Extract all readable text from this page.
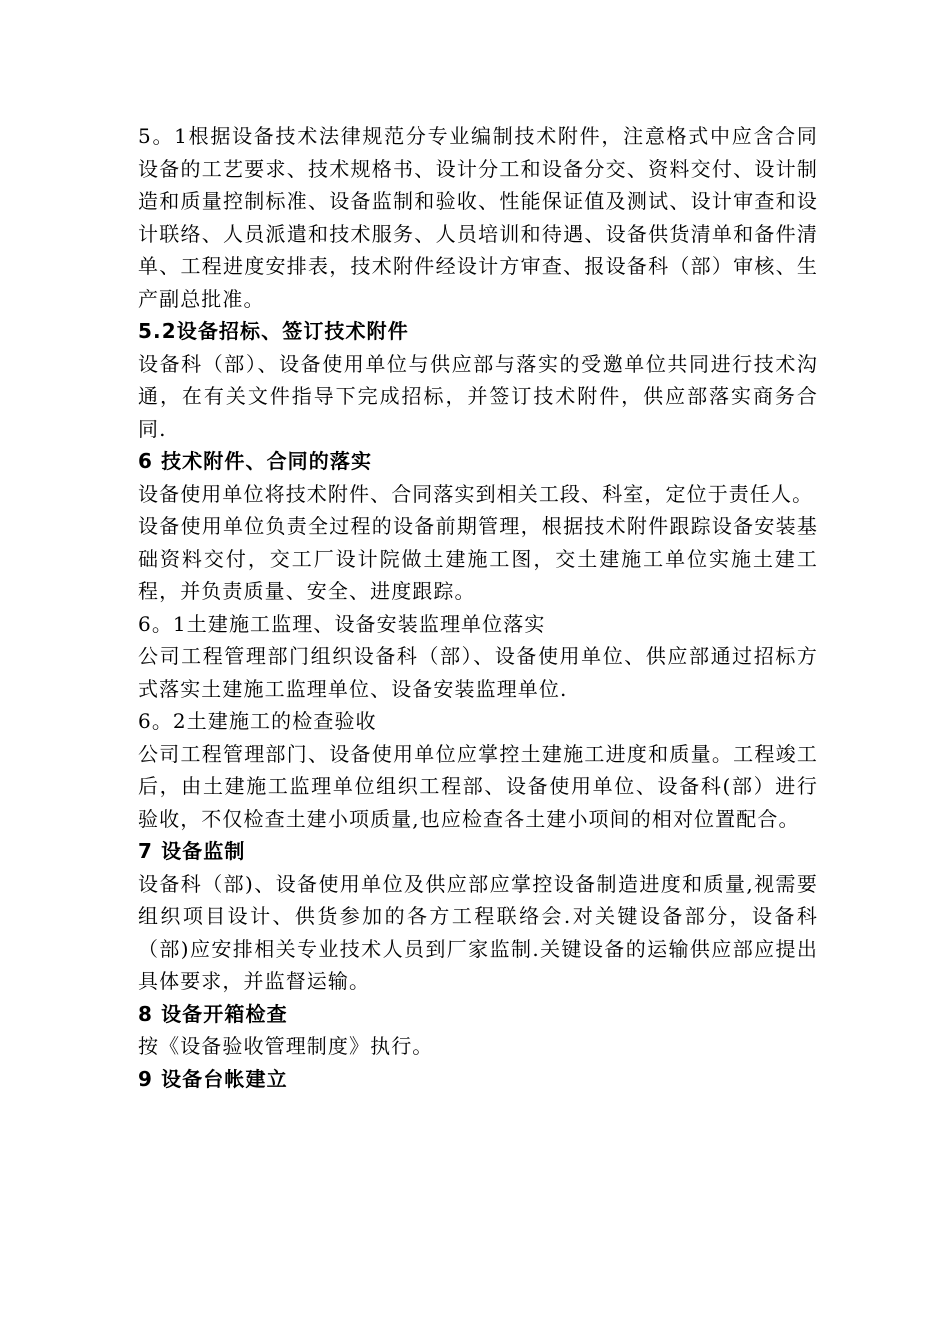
5。1根据设备技术法律规范分专业编制技术附件，注意格式中应含合同设备的工艺要求、技术规格书、设计分工和设备分交、资料交付、设计制造和质量控制标准、设备监制和验收、性能保证值及测试、设计审查和设计联络、人员派遣和技术服务、人员培训和待遇、设备供货清单和备件清单、工程进度安排表，技术附件经设计方审查、报设备科（部）审核、生产副总批准。

5.2设备招标、签订技术附件

设备科（部）、设备使用单位与供应部与落实的受邀单位共同进行技术沟通，在有关文件指导下完成招标，并签订技术附件，供应部落实商务合同.

6 技术附件、合同的落实

设备使用单位将技术附件、合同落实到相关工段、科室，定位于责任人。

设备使用单位负责全过程的设备前期管理，根据技术附件跟踪设备安装基础资料交付，交工厂设计院做土建施工图，交土建施工单位实施土建工程，并负责质量、安全、进度跟踪。

6。1土建施工监理、设备安装监理单位落实

公司工程管理部门组织设备科（部）、设备使用单位、供应部通过招标方式落实土建施工监理单位、设备安装监理单位.

6。2土建施工的检查验收

公司工程管理部门、设备使用单位应掌控土建施工进度和质量。工程竣工后，由土建施工监理单位组织工程部、设备使用单位、设备科(部）进行验收，不仅检查土建小项质量,也应检查各土建小项间的相对位置配合。

7 设备监制

设备科（部)、设备使用单位及供应部应掌控设备制造进度和质量,视需要组织项目设计、供货参加的各方工程联络会.对关键设备部分，设备科（部)应安排相关专业技术人员到厂家监制.关键设备的运输供应部应提出具体要求，并监督运输。

8 设备开箱检查

按《设备验收管理制度》执行。

9 设备台帐建立
